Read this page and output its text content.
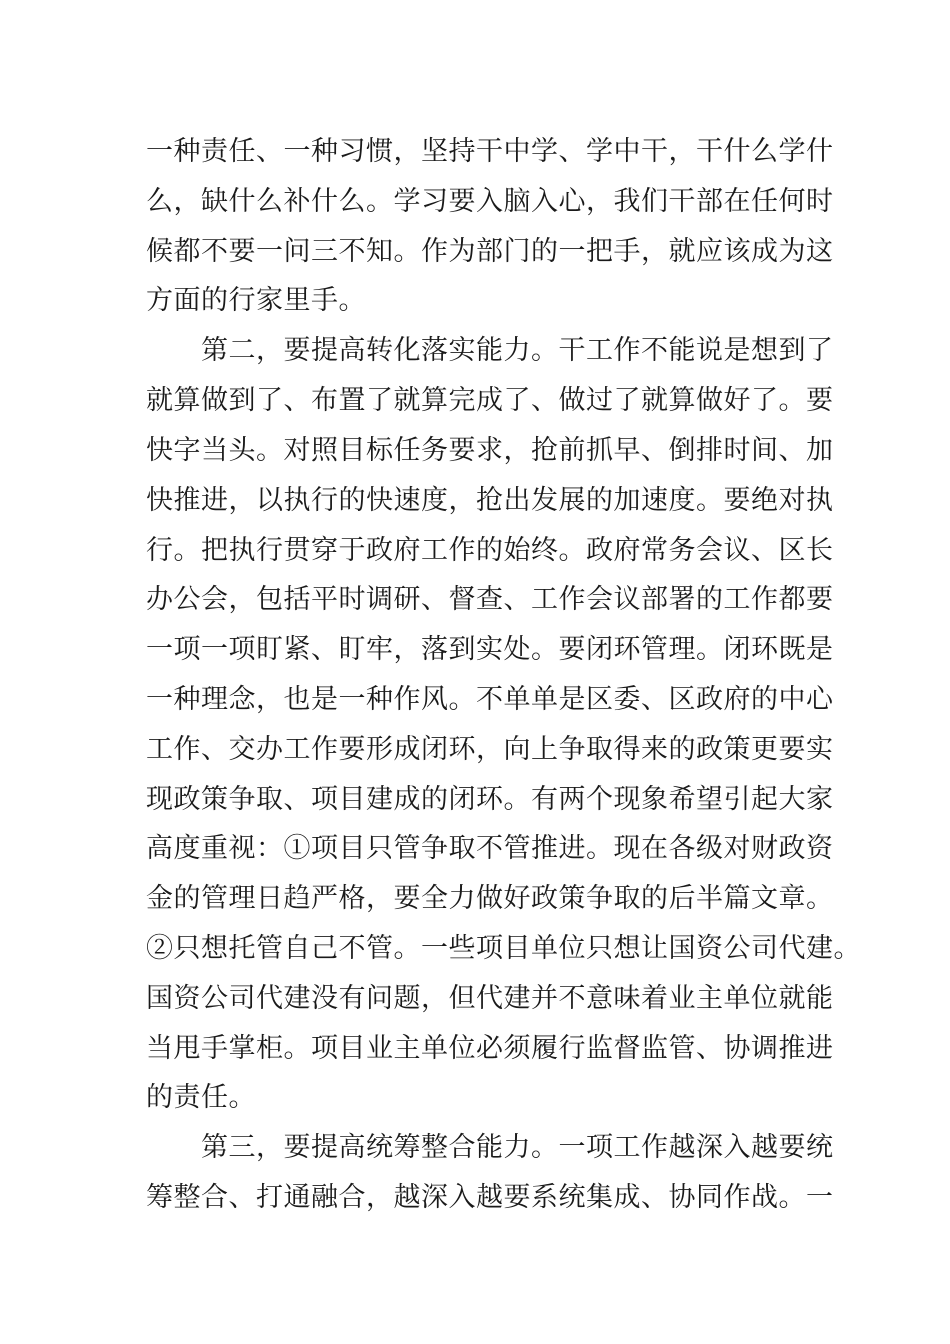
一种责任、一种习惯，坚持干中学、学中干，干什么学什
么，缺什么补什么。学习要入脑入心，我们干部在任何时
候都不要一问三不知。作为部门的一把手，就应该成为这
方面的行家里手。
第二，要提高转化落实能力。干工作不能说是想到了
就算做到了、布置了就算完成了、做过了就算做好了。要
快字当头。对照目标任务要求，抢前抓早、倒排时间、加
快推进，以执行的快速度，抢出发展的加速度。要绝对执
行。把执行贯穿于政府工作的始终。政府常务会议、区长
办公会，包括平时调研、督查、工作会议部署的工作都要
一项一项盯紧、盯牢，落到实处。要闭环管理。闭环既是
一种理念，也是一种作风。不单单是区委、区政府的中心
工作、交办工作要形成闭环，向上争取得来的政策更要实
现政策争取、项目建成的闭环。有两个现象希望引起大家
高度重视：①项目只管争取不管推进。现在各级对财政资
金的管理日趋严格，要全力做好政策争取的后半篇文章。
②只想托管自己不管。一些项目单位只想让国资公司代建。
国资公司代建没有问题，但代建并不意味着业主单位就能
当甩手掌柜。项目业主单位必须履行监督监管、协调推进
的责任。
第三，要提高统筹整合能力。一项工作越深入越要统
筹整合、打通融合，越深入越要系统集成、协同作战。一
